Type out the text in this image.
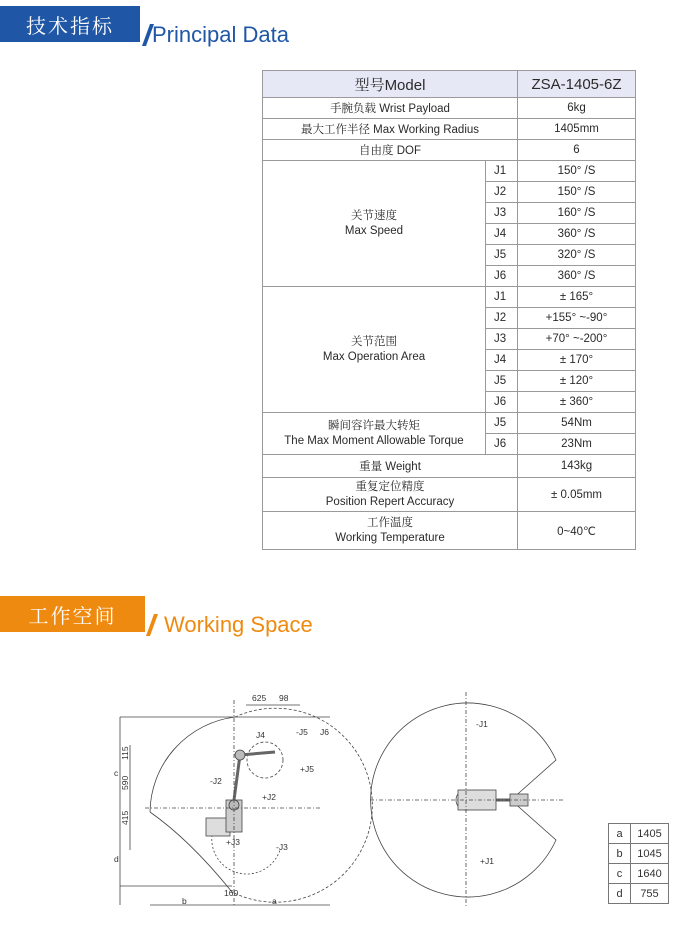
技术指标 Principal Data
型号Model		ZSA-1405-6Z
手腕负载 Wrist Payload		6kg
最大工作半径 Max Working Radius		1405mm
自由度 DOF		6

关节速度
Max Speed	J1	150° /S
	J2	150° /S
	J3	160° /S
	J4	360° /S
	J5	320° /S
	J6	360° /S

关节范围
Max Operation Area	J1	± 165°
	J2	+155° ~-90°
	J3	+70° ~-200°
	J4	± 170°
	J5	± 120°
	J6	± 360°

瞬间容许最大转矩
The Max Moment Allowable Torque	J5	54Nm
	J6	23Nm
重量 Weight		143kg

重复定位精度
Position Repert Accuracy		± 0.05mm

工作温度
Working Temperature		0~40℃
工作空间 Working Space
625 98
115
590
415
160
c
d
b	a
J4	-J5 J6
+J5
-J2
+J2
+J3	-J3
-J1
+J1
a	1405
b	1045
c	1640
d	755
